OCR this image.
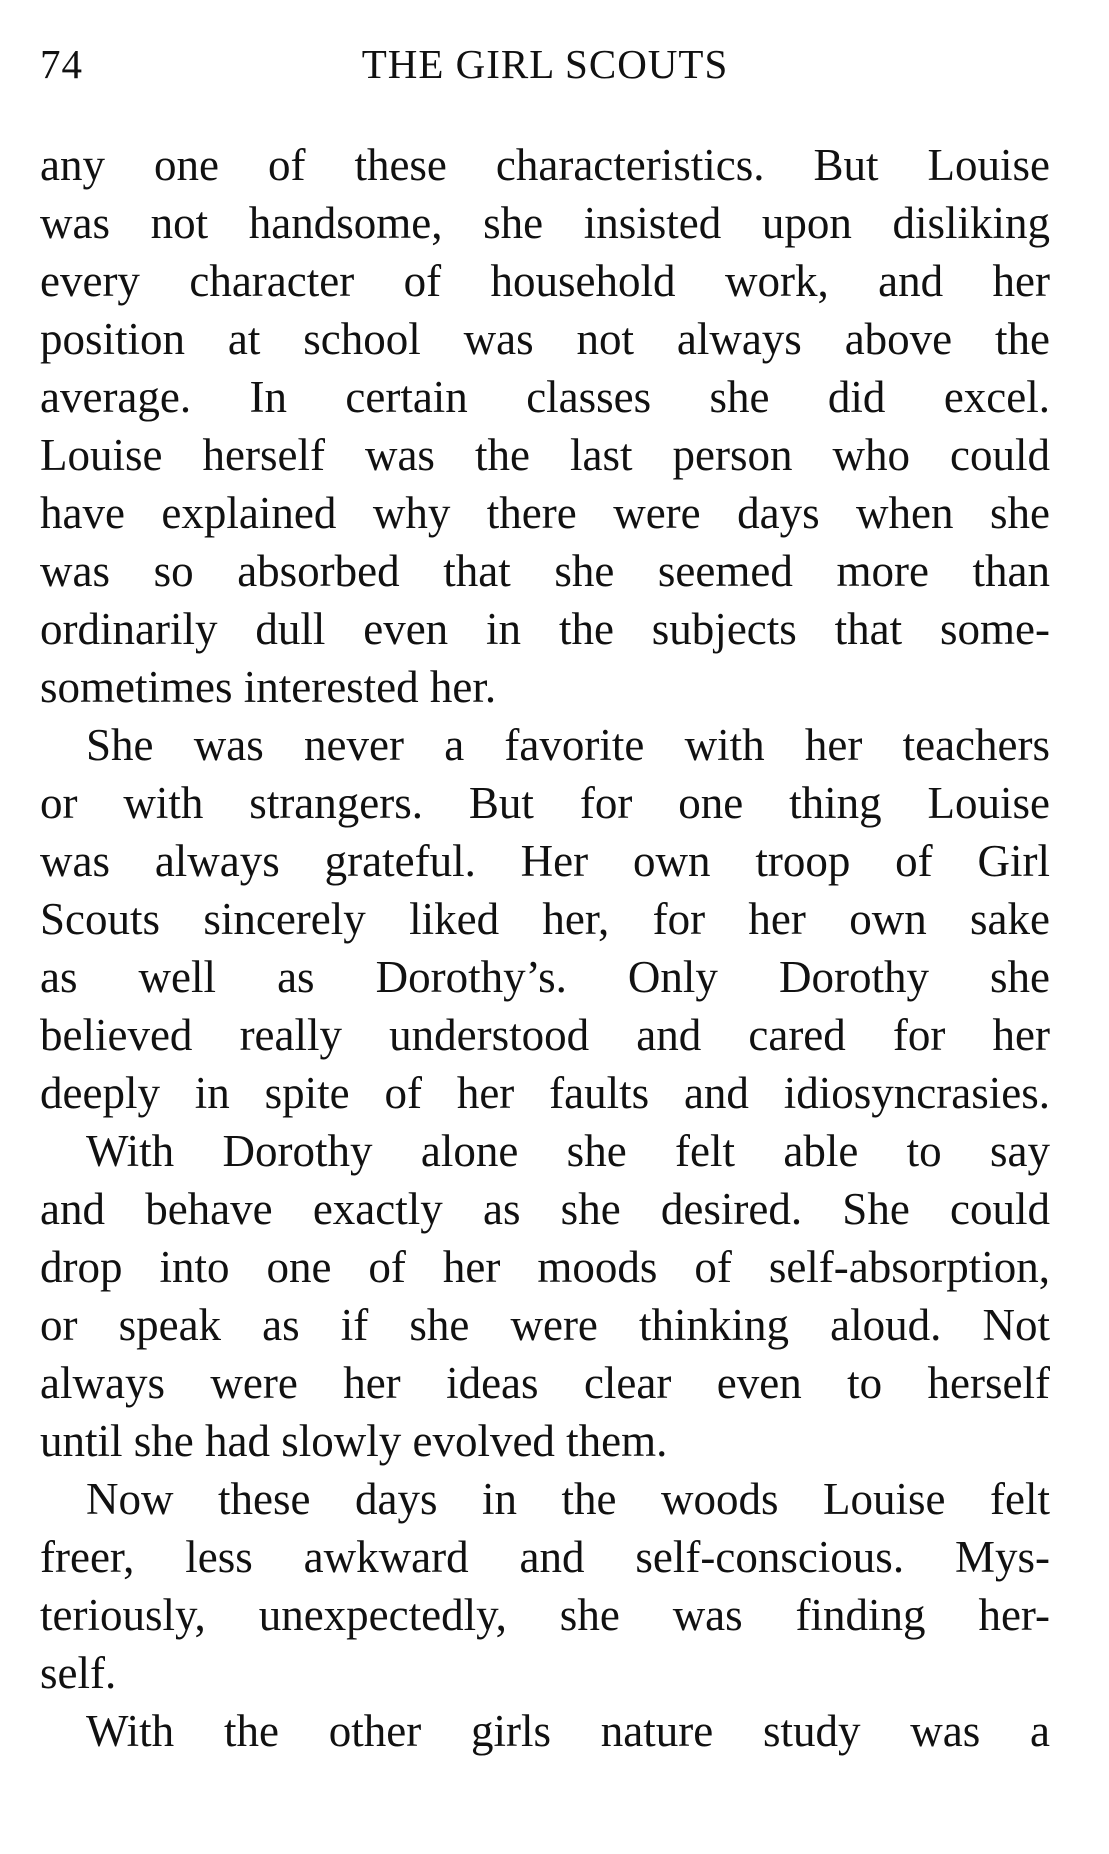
74	THE GIRL SCOUTS
any one of these characteristics. But Louise
was not handsome, she insisted upon disliking
every character of household work, and her
position at school was not always above the
average. In certain classes she did excel.
Louise herself was the last person who could
have explained why there were days when she
was so absorbed that she seemed more than
ordinarily dull even in the subjects that some-
sometimes interested her.
She was never a favorite with her teachers
or with strangers. But for one thing Louise
was always grateful. Her own troop of Girl
Scouts sincerely liked her, for her own sake
as well as Dorothy’s. Only Dorothy she
believed really understood and cared for her
deeply in spite of her faults and idiosyncrasies.
With Dorothy alone she felt able to say
and behave exactly as she desired. She could
drop into one of her moods of self-absorption,
or speak as if she were thinking aloud. Not
always were her ideas clear even to herself
until she had slowly evolved them.
Now these days in the woods Louise felt
freer, less awkward and self-conscious. Mys-
teriously, unexpectedly, she was finding her-
self.
With the other girls nature study was a
